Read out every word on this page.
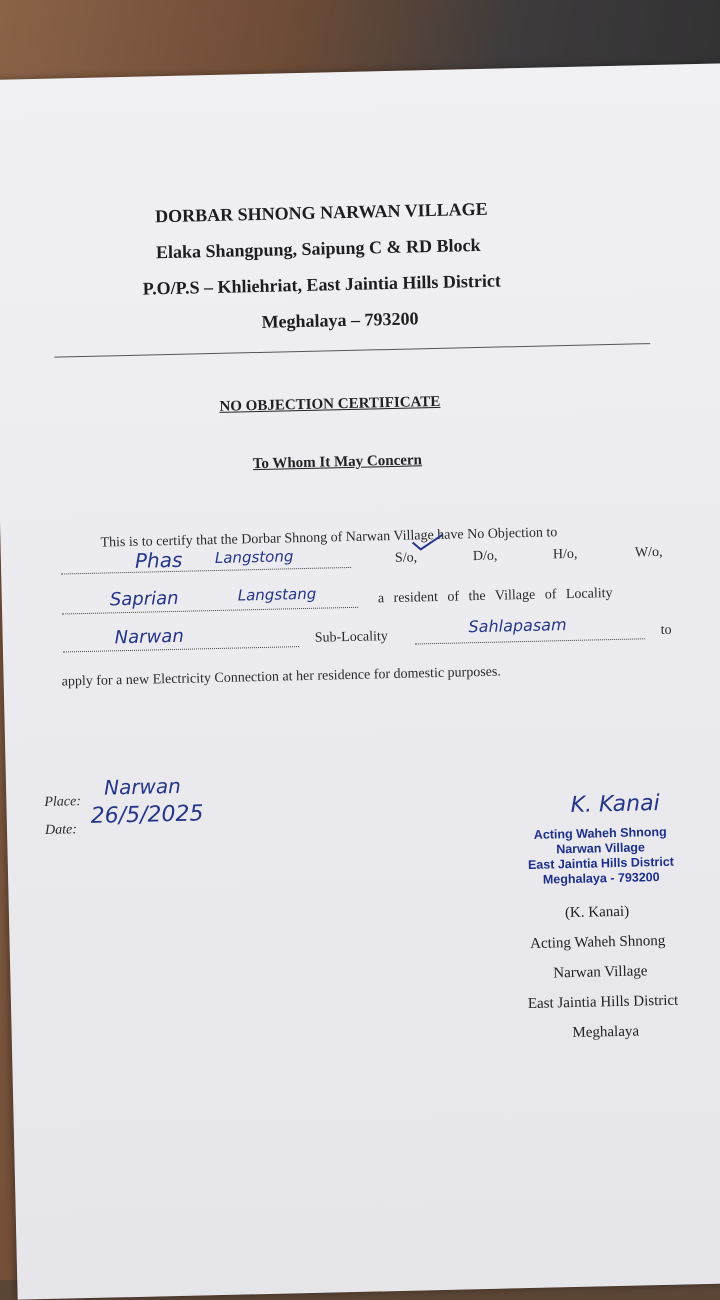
DORBAR SHNONG NARWAN VILLAGE
Elaka Shangpung, Saipung C & RD Block
P.O/P.S – Khliehriat, East Jaintia Hills District
Meghalaya – 793200
NO OBJECTION CERTIFICATE
To Whom It May Concern
This is to certify that the Dorbar Shnong of Narwan Village have No Objection to
Phas Langstong	S/o,	D/o,	H/o,	W/o,
Saprian	Langstang	a resident of the Village of Locality
Narwan	Sub-Locality
Sahlapasam	to
apply for a new Electricity Connection at her residence for domestic purposes.
Place:
Narwan
Date:
26/5/2025	K. Kanai
Acting Waheh Shnong
Narwan Village
East Jaintia Hills District
Meghalaya - 793200
(K. Kanai)
Acting Waheh Shnong
Narwan Village
East Jaintia Hills District
Meghalaya
